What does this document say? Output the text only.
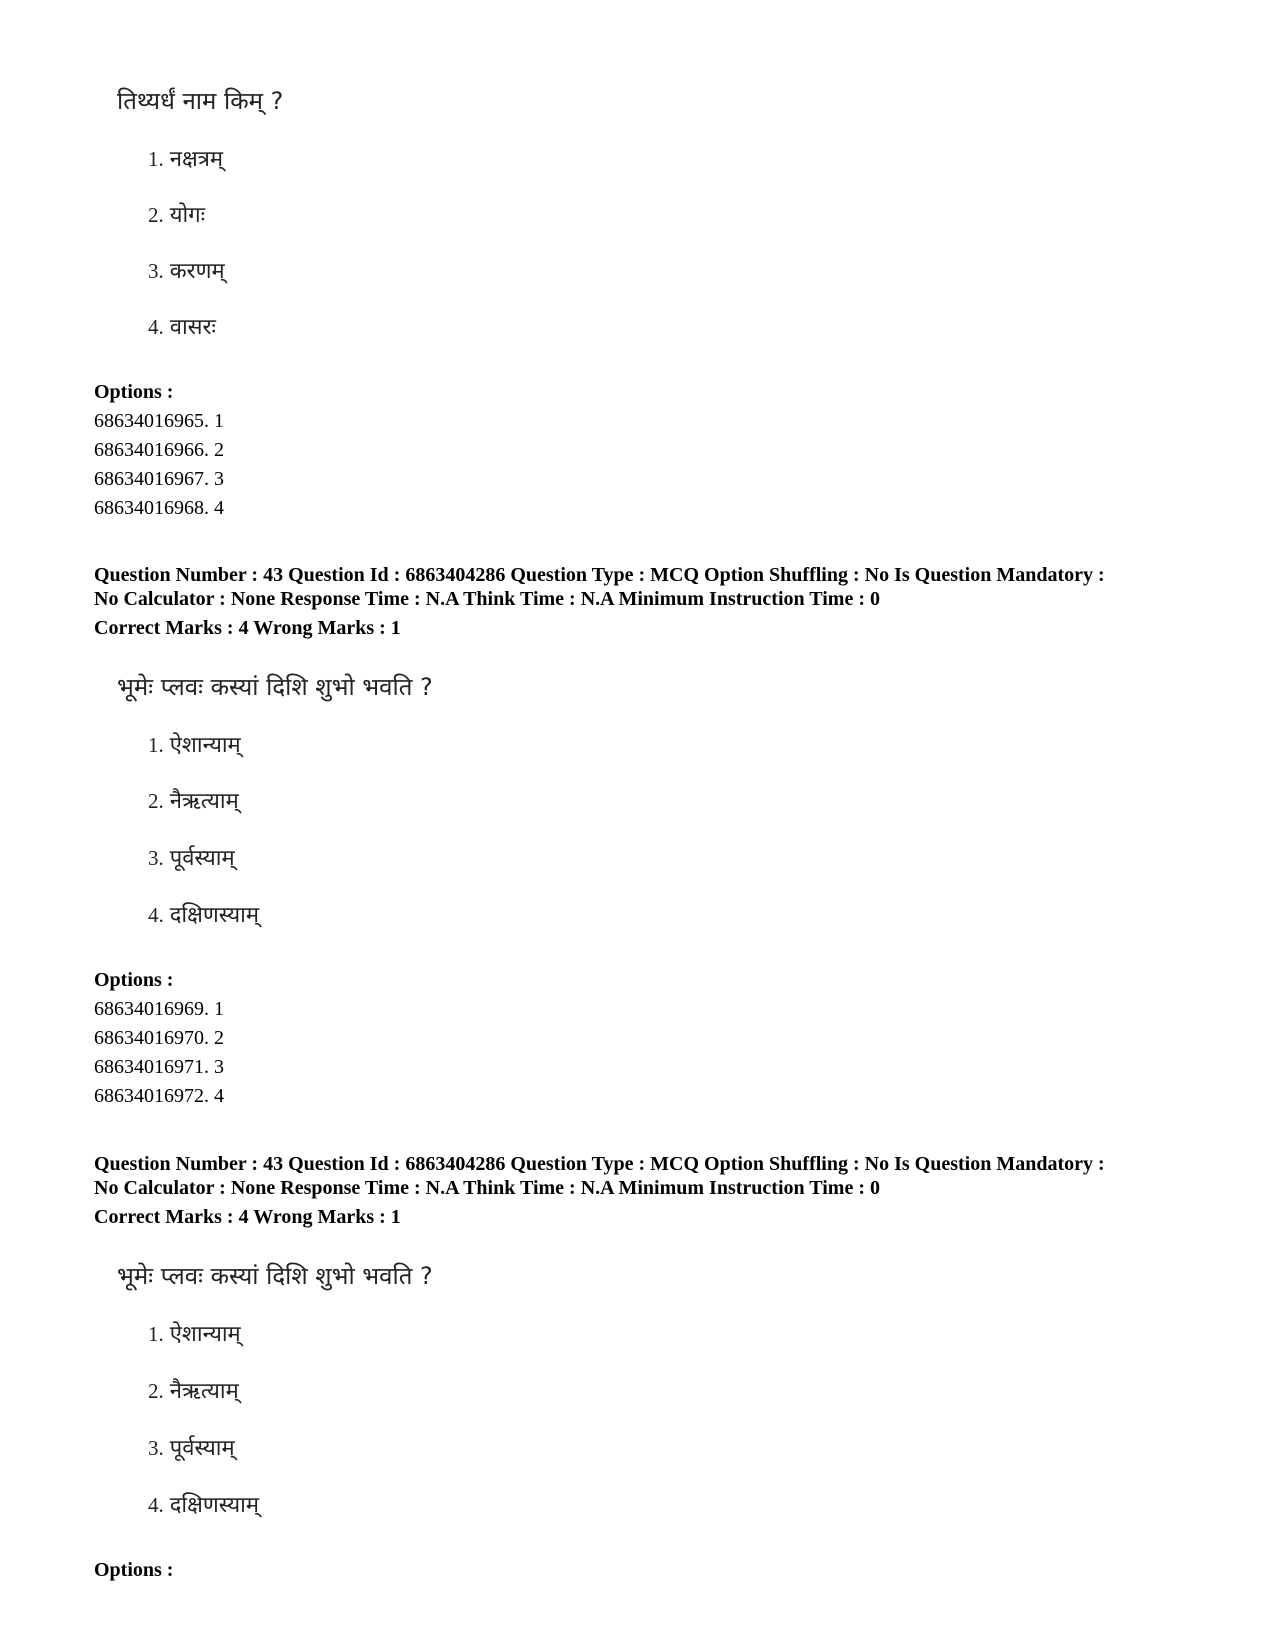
तिथ्यर्धं नाम किम् ?
1. नक्षत्रम्
2. योगः
3. करणम्
4. वासरः
Options :
68634016965. 1
68634016966. 2
68634016967. 3
68634016968. 4
Question Number : 43 Question Id : 6863404286 Question Type : MCQ Option Shuffling : No Is Question Mandatory :
No Calculator : None Response Time : N.A Think Time : N.A Minimum Instruction Time : 0
Correct Marks : 4 Wrong Marks : 1
भूमेः प्लवः कस्यां दिशि शुभो भवति ?
1. ऐशान्याम्
2. नैऋत्याम्
3. पूर्वस्याम्
4. दक्षिणस्याम्
Options :
68634016969. 1
68634016970. 2
68634016971. 3
68634016972. 4
Question Number : 43 Question Id : 6863404286 Question Type : MCQ Option Shuffling : No Is Question Mandatory :
No Calculator : None Response Time : N.A Think Time : N.A Minimum Instruction Time : 0
Correct Marks : 4 Wrong Marks : 1
भूमेः प्लवः कस्यां दिशि शुभो भवति ?
1. ऐशान्याम्
2. नैऋत्याम्
3. पूर्वस्याम्
4. दक्षिणस्याम्
Options :
